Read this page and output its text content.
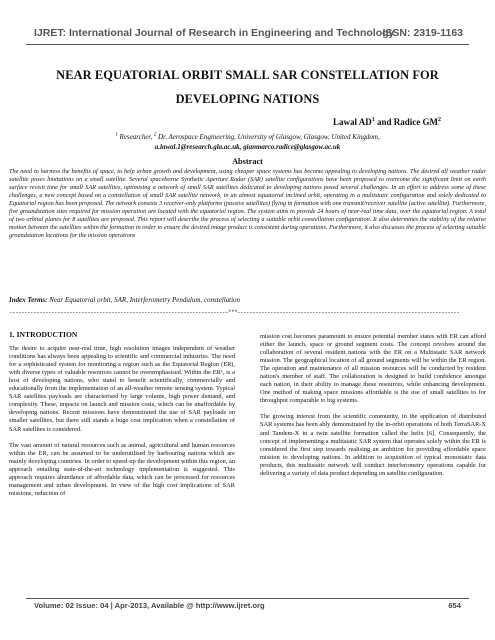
IJRET: International Journal of Research in Engineering and Technology
ISSN: 2319-1163
NEAR EQUATORIAL ORBIT SMALL SAR CONSTELLATION FOR DEVELOPING NATIONS
Lawal $AD^1$ and Radice $GM^2$
$^1$ Researcher, $^2$ Dr, Aerospace Engineering, University of Glasgow, Glasgow, United Kingdom,
a.lawal.1@research.gla.ac.uk, gianmarco.radice@glasgow.ac.uk
Abstract
The need to harness the benefits of space, to help urban growth and development, using cheaper space systems has become appealing to developing nations. The desired all weather radar satellite poses limitations on a small satellite. Several spaceborne Synthetic Aperture Radar (SAR) satellite configurations have been proposed to overcome the significant limit on earth surface revisit time for small SAR satellites, optimising a network of small SAR satellites dedicated to developing nations posed several challenges. In an effort to address some of these challenges, a new concept based on a constellation of small SAR satellite network, in an almost equatorial inclined orbit, operating in a multistatic configuration and solely dedicated to Equatorial region has been proposed. The network consists 3 receiver-only platforms (passive satellites) flying in formation with one transmit/receiver satellite (active satellite). Furthermore, five groundstation sites required for mission operation are located with the equatorial region. The system aims to provide 24 hours of near-real time data, over the equatorial region. A total of two orbital planes for 8 satellites are proposed. This report will describe the process of selecting a suitable orbit constellation configuration. It also determines the stability of the relative motion between the satellites within the formation in order to ensure the desired image product is consistent during operations. Furthermore, it also discusses the process of selecting suitable groundstation locations for the mission operations
Index Terms: Near Equatorial orbit, SAR, Interferometry Pendulum, constellation
-------------------------------------------------------------------------***--------------------------------------------------------------------------
1. INTRODUCTION

The desire to acquire near-real time, high resolution images independent of weather conditions has always been appealing to scientific and commercial industries. The need for a sophisticated system for monitoring a region such as the Equatorial Region (ER), with diverse types of valuable resources cannot be overemphasised. Within the ER¹, is a host of developing nations, who stand to benefit scientifically, commercially and educationally from the implementation of an all-weather remote sensing system. Typical SAR satellites payloads are characterised by large volume, high power demand, and complexity. These, impacts on launch and mission costs, which can be unaffordable by developing nations. Recent missions have demonstrated the use of SAR payloads on smaller satellites, but there still stands a huge cost implication when a constellation of SAR satellites is considered.

The vast amount of natural resources such as animal, agricultural and human resources within the ER, can be assumed to be underutilised by harbouring nations which are mainly developing countries. In order to speed-up the development within this region, an approach entailing state-of-the-art technology implementation is suggested. This approach requires abundance of affordable data, which can be processed for resources management and urban development. In view of the high cost implications of SAR missions, reduction of

mission cost becomes paramount to ensure potential member states with ER can afford either the launch, space or ground segment costs. The concept revolves around the collaboration of several resident nations with the ER on a Multistatic SAR network mission. The geographical location of all ground segments will be within the ER region. The operation and maintenance of all mission resources will be conducted by resident nation's member of staff. The collaboration is designed to build confidence amongst each nation, in their ability to manage these resources, while enhancing development. One method of making space missions affordable is the use of small satellites to for throughput comparable to big systems.

The growing interest from the scientific community, in the application of distributed SAR systems has been ably demonstrated by the in-orbit operations of both TerraSAR-X and Tandem-X in a twin satellite formation called the helix [6]. Consequently, the concept of implementing a multistatic SAR system that operates solely within the ER is considered the first step towards realising an ambition for providing affordable space mission to developing nations. In addition to acquisition of typical monostatic data products, this multistatic network will conduct interferometry operations capable for delivering a variety of data product depending on satellite configuration.

Volume: 02 Issue: 04 | Apr-2013, Available @ http://www.ijret.org	654
